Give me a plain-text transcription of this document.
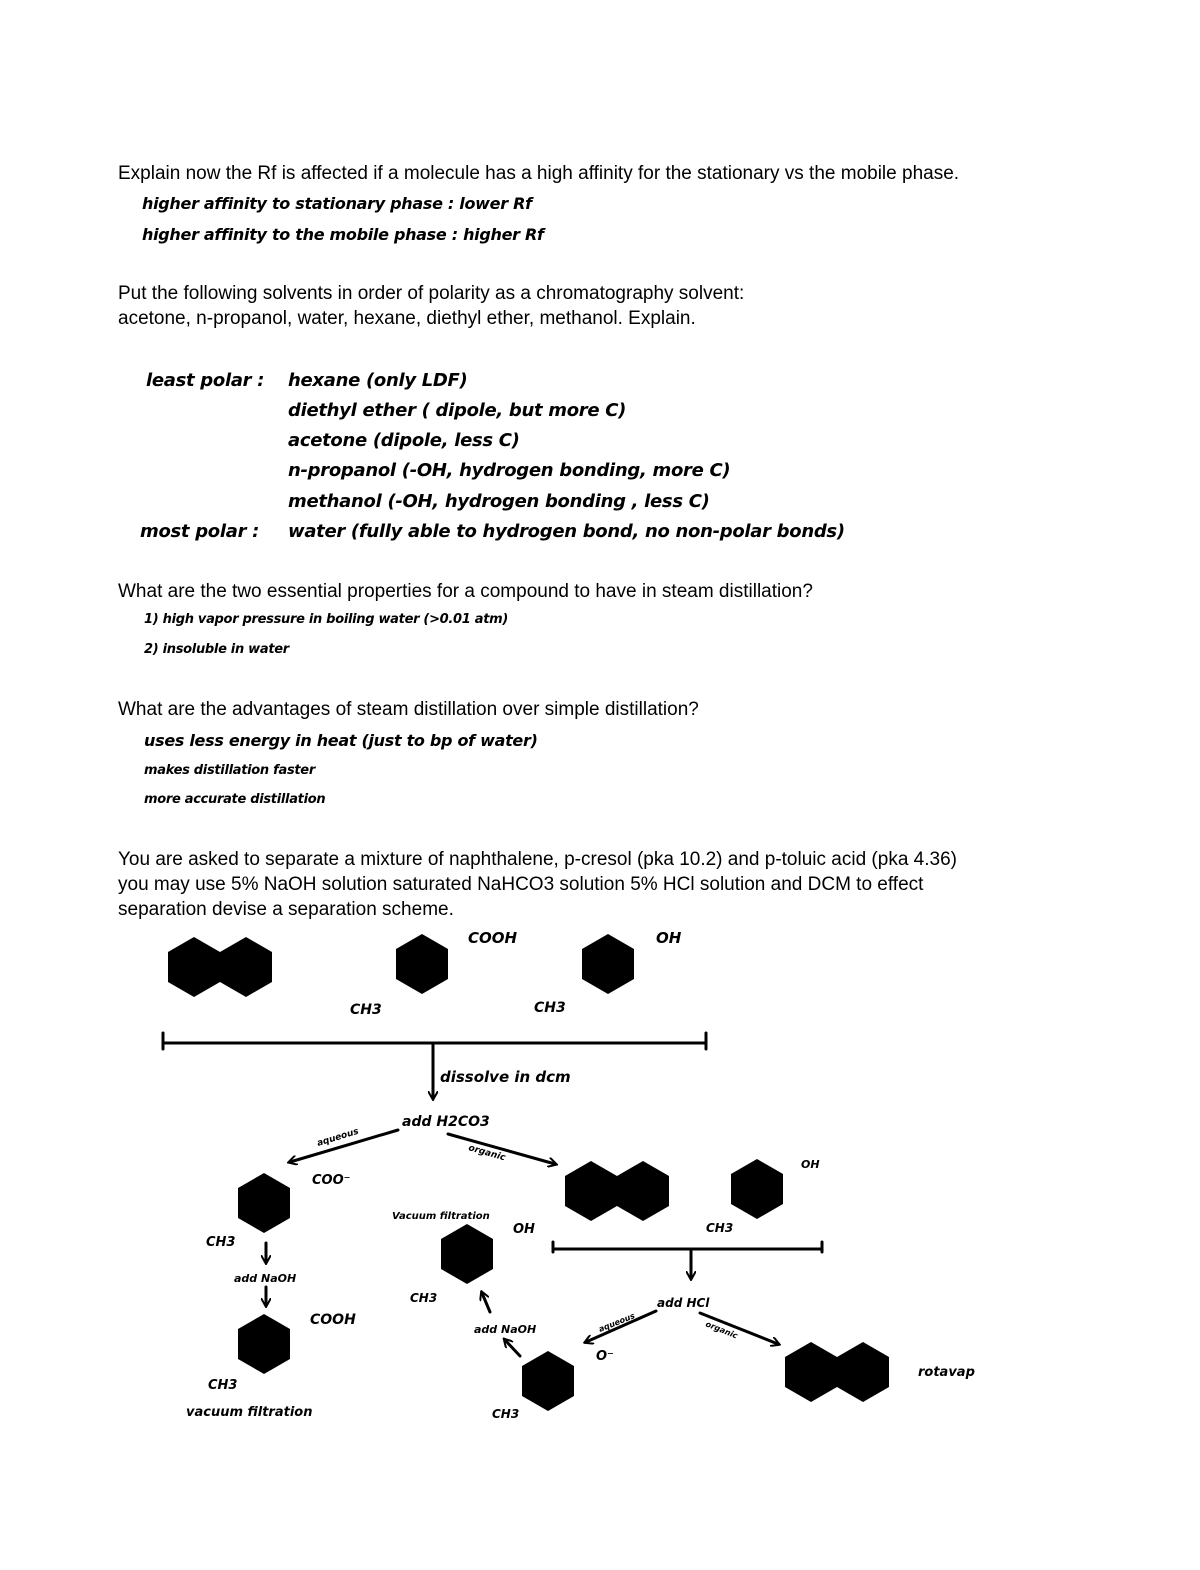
Explain now the Rf is affected if a molecule has a high affinity for the stationary vs the mobile phase.
higher affinity to stationary phase : lower Rf
higher affinity to the mobile phase : higher Rf
Put the following solvents in order of polarity as a chromatography solvent:
acetone, n-propanol, water, hexane, diethyl ether, methanol. Explain.
least polar : hexane (only LDF)
diethyl ether ( dipole, but more C)
acetone (dipole, less C)
n-propanol (-OH, hydrogen bonding, more C)
methanol (-OH, hydrogen bonding , less C)
most polar : water (fully able to hydrogen bond, no non-polar bonds)
What are the two essential properties for a compound to have in steam distillation?
1) high vapor pressure in boiling water (>0.01 atm)
2) insoluble in water
What are the advantages of steam distillation over simple distillation?
uses less energy in heat (just to bp of water)
makes distillation faster
more accurate distillation
You are asked to separate a mixture of naphthalene, p-cresol (pka 10.2) and p-toluic acid (pka 4.36)
you may use 5% NaOH solution saturated NaHCO3 solution 5% HCl solution and DCM to effect
separation devise a separation scheme.
COOH
CH3
OH
CH3
dissolve in dcm
add H2CO3
aqueous
organic
COO⁻
CH3
add NaOH
COOH
CH3
vacuum filtration
OH
CH3
add HCl
aqueous	organic
O⁻
CH3
add NaOH
OH
CH3
Vacuum filtration
rotavap
